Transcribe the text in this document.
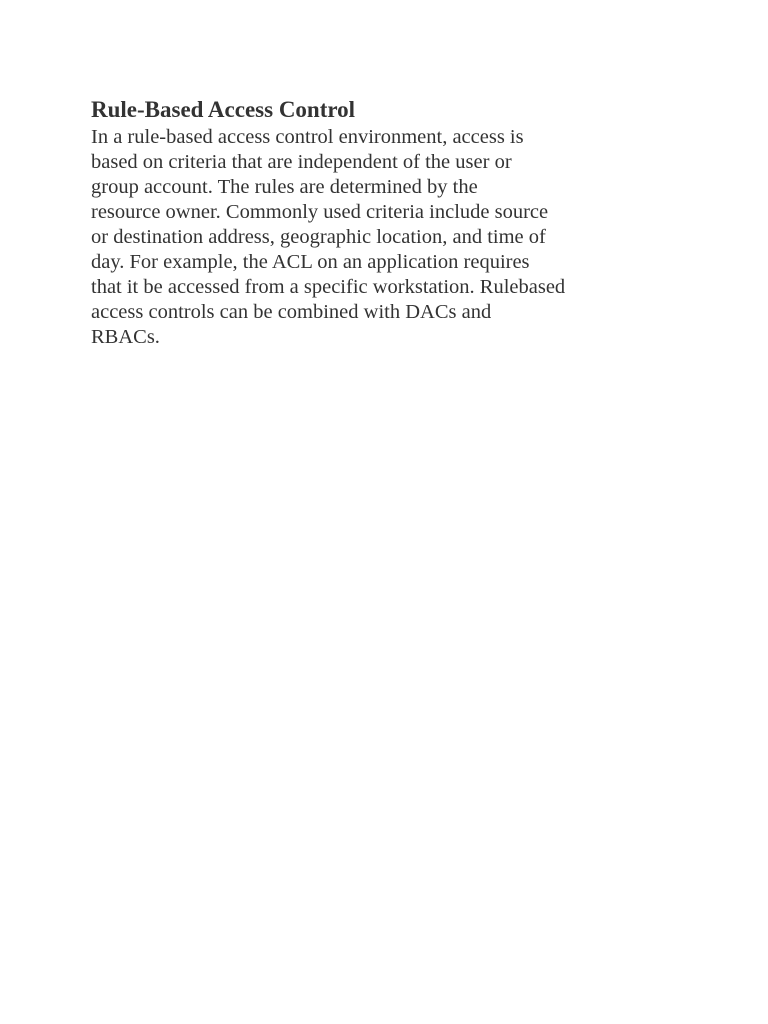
Rule-Based Access Control

In a rule-based access control environment, access is
based on criteria that are independent of the user or
group account. The rules are determined by the
resource owner. Commonly used criteria include source
or destination address, geographic location, and time of
day. For example, the ACL on an application requires
that it be accessed from a specific workstation. Rulebased
access controls can be combined with DACs and
RBACs.
